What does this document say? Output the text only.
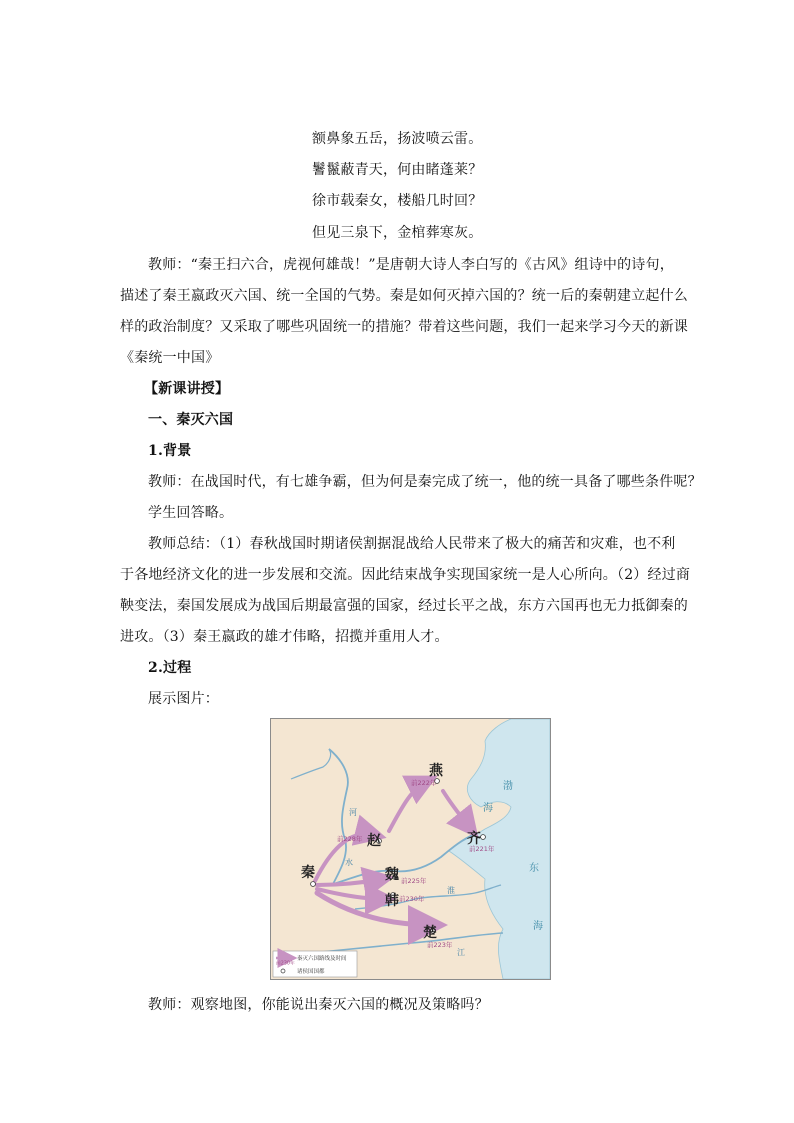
额鼻象五岳，扬波喷云雷。
鬐鬣蔽青天，何由睹蓬莱？
徐市载秦女，楼船几时回？
但见三泉下，金棺葬寒灰。
教师：“秦王扫六合，虎视何雄哉！”是唐朝大诗人李白写的《古风》组诗中的诗句，
描述了秦王嬴政灭六国、统一全国的气势。秦是如何灭掉六国的？统一后的秦朝建立起什么
样的政治制度？又采取了哪些巩固统一的措施？带着这些问题，我们一起来学习今天的新课
《秦统一中国》
【新课讲授】
一、秦灭六国
1.背景
教师：在战国时代，有七雄争霸，但为何是秦完成了统一，他的统一具备了哪些条件呢？
学生回答略。
教师总结：（1）春秋战国时期诸侯割据混战给人民带来了极大的痛苦和灾难，也不利
于各地经济文化的进一步发展和交流。因此结束战争实现国家统一是人心所向。（2）经过商
鞅变法，秦国发展成为战国后期最富强的国家，经过长平之战，东方六国再也无力抵御秦的
进攻。（3）秦王嬴政的雄才伟略，招揽并重用人才。
2.过程
展示图片：
秦
赵
魏
韩
楚
燕
齐
前228年
前225年
前230年
前223年
前222年
前221年
渤
海
东
海
河
水
淮
江
前230年
秦灭六国路线及时间
诸侯国国都
教师：观察地图，你能说出秦灭六国的概况及策略吗？
